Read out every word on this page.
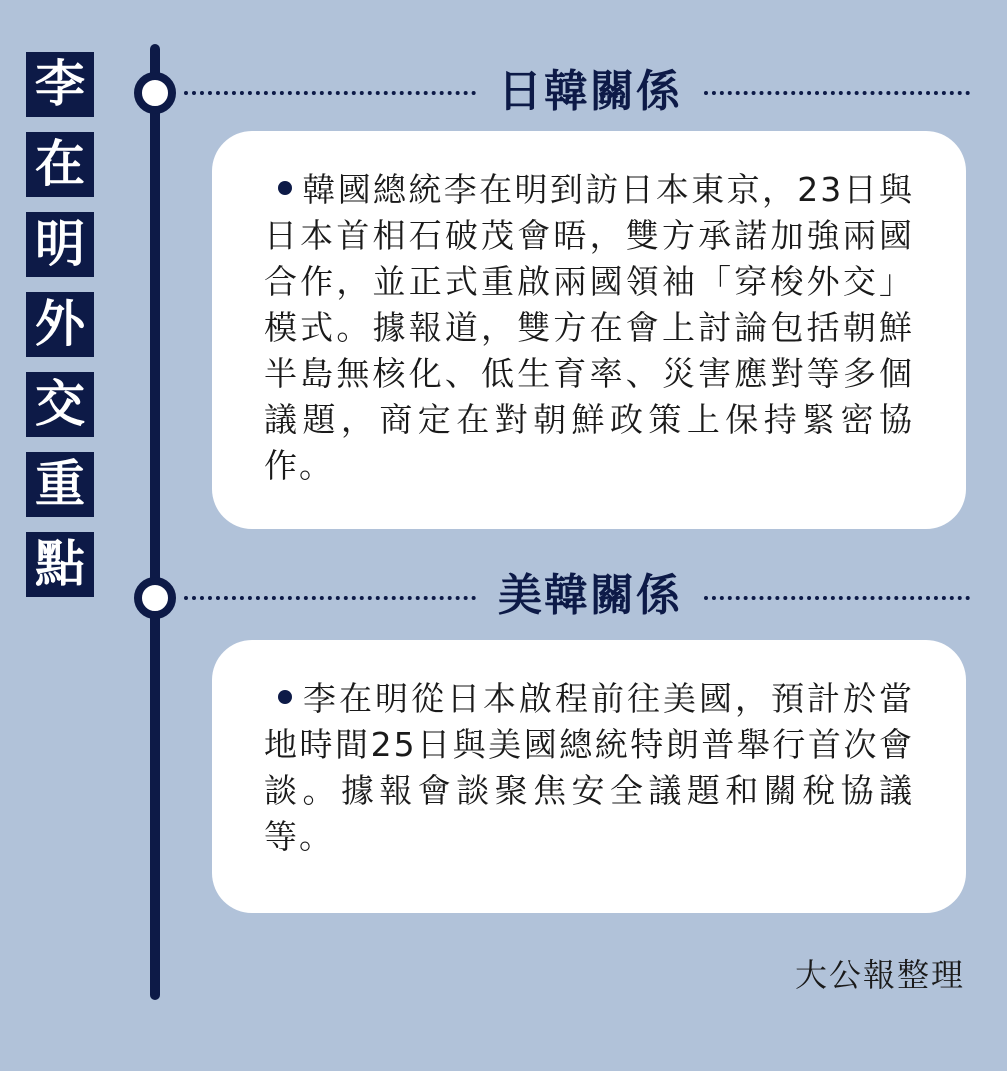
李
在
明
外
交
重
點
日韓關係
韓國總統李在明到訪日本東京，23日與日本首相石破茂會晤，雙方承諾加強兩國合作，並正式重啟兩國領袖「穿梭外交」模式。據報道，雙方在會上討論包括朝鮮半島無核化、低生育率、災害應對等多個議題，商定在對朝鮮政策上保持緊密協作。
美韓關係
李在明從日本啟程前往美國，預計於當地時間25日與美國總統特朗普舉行首次會談。據報會談聚焦安全議題和關稅協議等。
大公報整理
